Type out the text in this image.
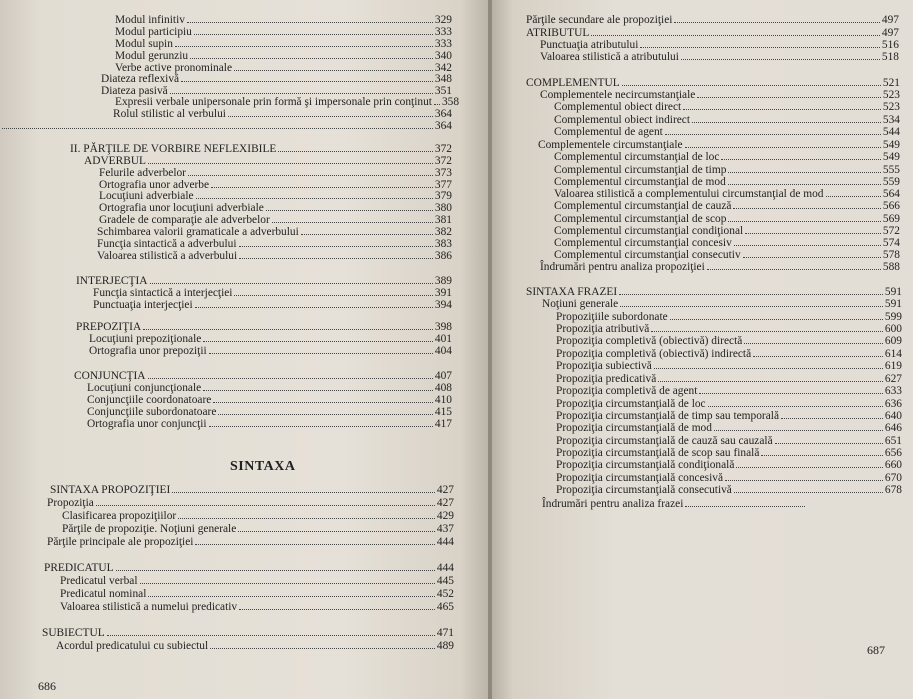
Modul infinitiv	329
Modul participiu	333
Modul supin	333
Modul gerunziu	340
Verbe active pronominale	342
Diateza reflexivă	348
Diateza pasivă	351
Expresii verbale unipersonale prin formă şi impersonale prin conţinut 358
Rolul stilistic al verbului	364
364
II. PĂRŢILE DE VORBIRE NEFLEXIBILE	372
ADVERBUL	372
Felurile adverbelor	373
Ortografia unor adverbe	377
Locuţiuni adverbiale	379
Ortografia unor locuţiuni adverbiale	380
Gradele de comparaţie ale adverbelor	381
Schimbarea valorii gramaticale a adverbului	382
Funcţia sintactică a adverbului	383
Valoarea stilistică a adverbului	386
INTERJECŢIA	389
Funcţia sintactică a interjecţiei	391
Punctuaţia interjecţiei	394
PREPOZIŢIA	398
Locuţiuni prepoziţionale	401
Ortografia unor prepoziţii	404
CONJUNCŢIA	407
Locuţiuni conjuncţionale	408
Conjuncţiile coordonatoare	410
Conjuncţiile subordonatoare	415
Ortografia unor conjuncţii	417
SINTAXA PROPOZIŢIEI	427
Propoziţia	427
Clasificarea propoziţiilor	429
Părţile de propoziţie. Noţiuni generale	437
Părţile principale ale propoziţiei	444
PREDICATUL	444
Predicatul verbal	445
Predicatul nominal	452
Valoarea stilistică a numelui predicativ	465
SUBIECTUL	471
Acordul predicatului cu subiectul	489
SINTAXA
686
Părţile secundare ale propoziţiei	497
ATRIBUTUL	497
Punctuaţia atributului	516
Valoarea stilistică a atributului	518
COMPLEMENTUL	521
Complementele necircumstanţiale	523
Complementul obiect direct	523
Complementul obiect indirect	534
Complementul de agent	544
Complementele circumstanţiale	549
Complementul circumstanţial de loc	549
Complementul circumstanţial de timp	555
Complementul circumstanţial de mod	559
Valoarea stilistică a complementului circumstanţial de mod	564
Complementul circumstanţial de cauză	566
Complementul circumstanţial de scop	569
Complementul circumstanţial condiţional	572
Complementul circumstanţial concesiv	574
Complementul circumstanţial consecutiv	578
Îndrumări pentru analiza propoziţiei	588
SINTAXA FRAZEI	591
Noţiuni generale	591
Propoziţiile subordonate	599
Propoziţia atributivă	600
Propoziţia completivă (obiectivă) directă	609
Propoziţia completivă (obiectivă) indirectă	614
Propoziţia subiectivă	619
Propoziţia predicativă	627
Propoziţia completivă de agent	633
Propoziţia circumstanţială de loc	636
Propoziţia circumstanţială de timp sau temporală	640
Propoziţia circumstanţială de mod	646
Propoziţia circumstanţială de cauză sau cauzală	651
Propoziţia circumstanţială de scop sau finală	656
Propoziţia circumstanţială condiţională	660
Propoziţia circumstanţială concesivă	670
Propoziţia circumstanţială consecutivă	678
Îndrumări pentru analiza frazei
687
